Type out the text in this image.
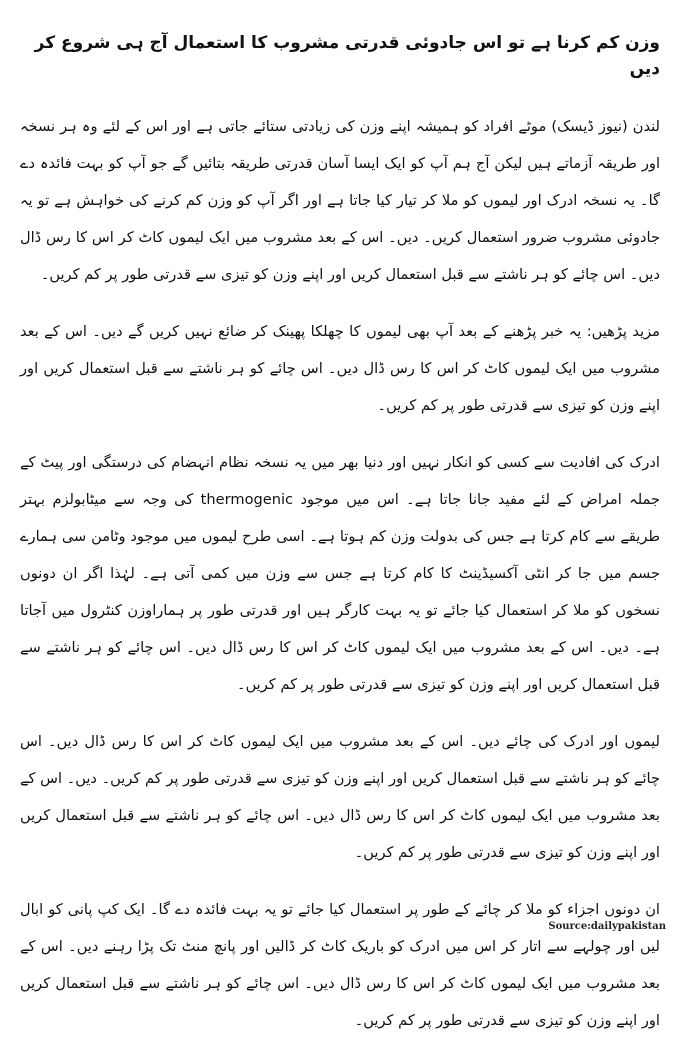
وزن کم کرنا ہے تو اس جادوئی قدرتی مشروب کا استعمال آج ہی شروع کر دیں

لندن (نیوز ڈیسک) موٹے افراد کو ہمیشہ اپنے وزن کی زیادتی ستائے جاتی ہے اور اس کے لئے وہ ہر نسخہ اور طریقہ آزماتے ہیں لیکن آج ہم آپ کو ایک ایسا آسان قدرتی طریقہ بتائیں گے جو آپ کو بہت فائدہ دے گا۔ یہ نسخہ ادرک اور لیموں کو ملا کر تیار کیا جاتا ہے اور اگر آپ کو وزن کم کرنے کی خواہش ہے تو یہ جادوئی مشروب ضرور استعمال کریں۔ دیں۔ اس کے بعد مشروب میں ایک لیموں کاٹ کر اس کا رس ڈال دیں۔ اس چائے کو ہر ناشتے سے قبل استعمال کریں اور اپنے وزن کو تیزی سے قدرتی طور پر کم کریں۔

مزید پڑھیں: یہ خبر پڑھنے کے بعد آپ بھی لیموں کا چھلکا پھینک کر ضائع نہیں کریں گے دیں۔ اس کے بعد مشروب میں ایک لیموں کاٹ کر اس کا رس ڈال دیں۔ اس چائے کو ہر ناشتے سے قبل استعمال کریں اور اپنے وزن کو تیزی سے قدرتی طور پر کم کریں۔

ادرک کی افادیت سے کسی کو انکار نہیں اور دنیا بھر میں یہ نسخہ نظام انہضام کی درستگی اور پیٹ کے جملہ امراض کے لئے مفید جانا جاتا ہے۔ اس میں موجود thermogenic کی وجہ سے میٹابولزم بہتر طریقے سے کام کرتا ہے جس کی بدولت وزن کم ہوتا ہے۔ اسی طرح لیموں میں موجود وٹامن سی ہمارے جسم میں جا کر انٹی آکسیڈینٹ کا کام کرتا ہے جس سے وزن میں کمی آتی ہے۔ لہٰذا اگر ان دونوں نسخوں کو ملا کر استعمال کیا جائے تو یہ بہت کارگر ہیں اور قدرتی طور پر ہماراوزن کنٹرول میں آجاتا ہے۔ دیں۔ اس کے بعد مشروب میں ایک لیموں کاٹ کر اس کا رس ڈال دیں۔ اس چائے کو ہر ناشتے سے قبل استعمال کریں اور اپنے وزن کو تیزی سے قدرتی طور پر کم کریں۔

لیموں اور ادرک کی چائے دیں۔ اس کے بعد مشروب میں ایک لیموں کاٹ کر اس کا رس ڈال دیں۔ اس چائے کو ہر ناشتے سے قبل استعمال کریں اور اپنے وزن کو تیزی سے قدرتی طور پر کم کریں۔ دیں۔ اس کے بعد مشروب میں ایک لیموں کاٹ کر اس کا رس ڈال دیں۔ اس چائے کو ہر ناشتے سے قبل استعمال کریں اور اپنے وزن کو تیزی سے قدرتی طور پر کم کریں۔

ان دونوں اجزاء کو ملا کر چائے کے طور پر استعمال کیا جائے تو یہ بہت فائدہ دے گا۔ ایک کپ پانی کو ابال لیں اور چولہے سے اتار کر اس میں ادرک کو باریک کاٹ کر ڈالیں اور پانچ منٹ تک پڑا رہنے دیں۔ اس کے بعد مشروب میں ایک لیموں کاٹ کر اس کا رس ڈال دیں۔ اس چائے کو ہر ناشتے سے قبل استعمال کریں اور اپنے وزن کو تیزی سے قدرتی طور پر کم کریں۔

Source:dailypakistan
